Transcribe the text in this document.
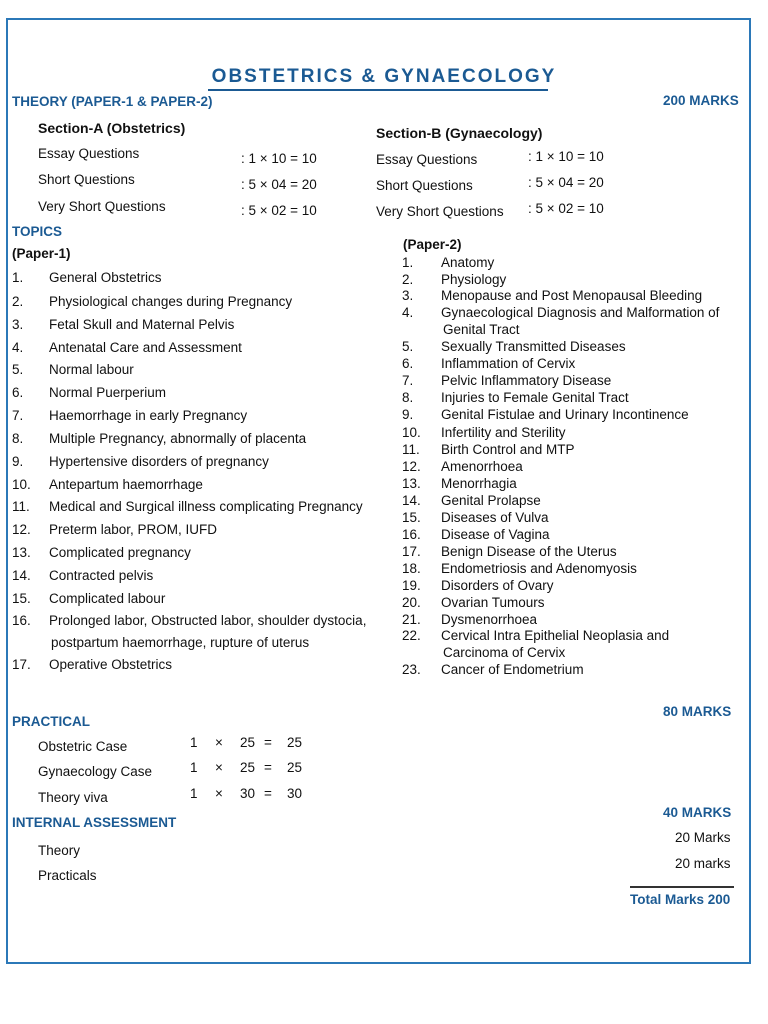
OBSTETRICS & GYNAECOLOGY
THEORY (PAPER-1 & PAPER-2)	200 MARKS
Section-A (Obstetrics)
Essay Questions	: 1 × 10 = 10
Short Questions	: 5 × 04 = 20
Very Short Questions	: 5 × 02 = 10
Section-B (Gynaecology)
Essay Questions	: 1 × 10 = 10
Short Questions	: 5 × 04 = 20
Very Short Questions : 5 × 02 = 10
TOPICS
(Paper-1)
(Paper-2)
1. General Obstetrics
2. Physiological changes during Pregnancy
3. Fetal Skull and Maternal Pelvis
4. Antenatal Care and Assessment
5. Normal labour
6. Normal Puerperium
7. Haemorrhage in early Pregnancy
8. Multiple Pregnancy, abnormally of placenta
9. Hypertensive disorders of pregnancy
10. Antepartum haemorrhage
11. Medical and Surgical illness complicating Pregnancy
12. Preterm labor, PROM, IUFD
13. Complicated pregnancy
14. Contracted pelvis
15. Complicated labour
16. Prolonged labor, Obstructed labor, shoulder dystocia,
postpartum haemorrhage, rupture of uterus
17. Operative Obstetrics
1. Anatomy
2. Physiology
3. Menopause and Post Menopausal Bleeding
4. Gynaecological Diagnosis and Malformation of
Genital Tract
5. Sexually Transmitted Diseases
6. Inflammation of Cervix
7. Pelvic Inflammatory Disease
8. Injuries to Female Genital Tract
9. Genital Fistulae and Urinary Incontinence
10. Infertility and Sterility
11. Birth Control and MTP
12. Amenorrhoea
13. Menorrhagia
14. Genital Prolapse
15. Diseases of Vulva
16. Disease of Vagina
17. Benign Disease of the Uterus
18. Endometriosis and Adenomyosis
19. Disorders of Ovary
20. Ovarian Tumours
21. Dysmenorrhoea
22. Cervical Intra Epithelial Neoplasia and
Carcinoma of Cervix
23. Cancer of Endometrium
PRACTICAL
80 MARKS
Obstetric Case	1 × 25 = 25
Gynaecology Case	1 × 25 = 25
Theory viva	1 × 30 = 30
INTERNAL ASSESSMENT
40 MARKS
Theory
20 Marks
Practicals
20 marks
Total Marks 200
